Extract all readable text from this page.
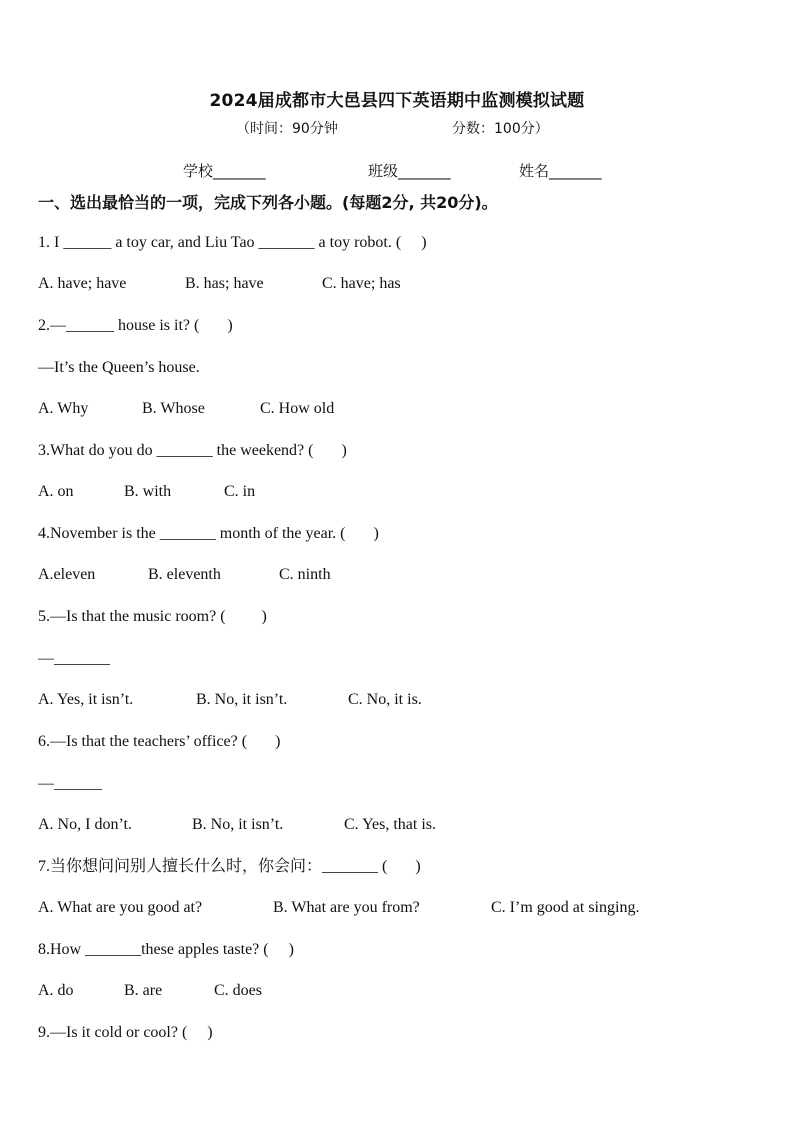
2024届成都市大邑县四下英语期中监测模拟试题
（时间：90分钟	分数：100分）
学校_______	班级_______	姓名_______
一、选出最恰当的一项，完成下列各小题。(每题2分, 共20分)。
1. I ______ a toy car, and Liu Tao _______ a toy robot. (     )

A. have; have

	B. has; have

	C. have; has

2.—______ house is it? (       )
—It’s the Queen’s house.

A. Why

	B. Whose

	C. How old

3.What do you do _______ the weekend? (       )

A. on

	B. with

	C. in

4.November is the _______ month of the year. (       )

A.eleven

	B. eleventh

	C. ninth

5.—Is that the music room? (         )
—_______

A. Yes, it isn’t.

	B. No, it isn’t.

	C. No, it is.

6.—Is that the teachers’ office? (       )
—______

A. No, I don’t.

	B. No, it isn’t.

	C. Yes, that is.

7.当你想问问别人擅长什么时，你会问：_______ (       )

A. What are you good at?

	B. What are you from?

	C. I’m good at singing.

8.How _______these apples taste? (     )

A. do

	B. are

	C. does

9.—Is it cold or cool? (     )
